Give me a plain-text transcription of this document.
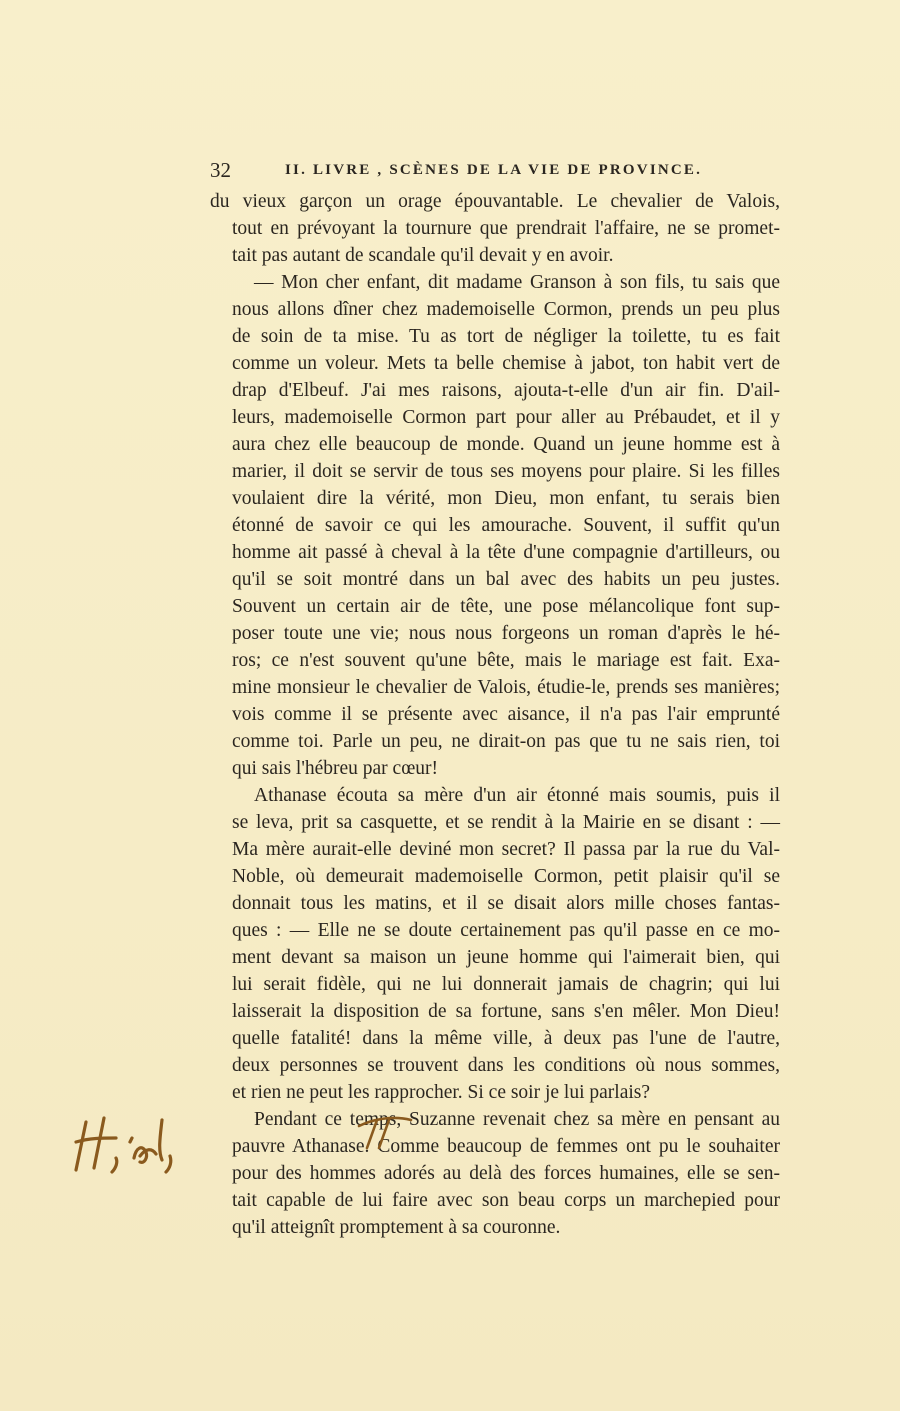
32	II. LIVRE , SCÈNES DE LA VIE DE PROVINCE.
du vieux garçon un orage épouvantable. Le chevalier de Valois,
tout en prévoyant la tournure que prendrait l'affaire, ne se promet-
tait pas autant de scandale qu'il devait y en avoir.
— Mon cher enfant, dit madame Granson à son fils, tu sais que
nous allons dîner chez mademoiselle Cormon, prends un peu plus
de soin de ta mise. Tu as tort de négliger la toilette, tu es fait
comme un voleur. Mets ta belle chemise à jabot, ton habit vert de
drap d'Elbeuf. J'ai mes raisons, ajouta-t-elle d'un air fin. D'ail-
leurs, mademoiselle Cormon part pour aller au Prébaudet, et il y
aura chez elle beaucoup de monde. Quand un jeune homme est à
marier, il doit se servir de tous ses moyens pour plaire. Si les filles
voulaient dire la vérité, mon Dieu, mon enfant, tu serais bien
étonné de savoir ce qui les amourache. Souvent, il suffit qu'un
homme ait passé à cheval à la tête d'une compagnie d'artilleurs, ou
qu'il se soit montré dans un bal avec des habits un peu justes.
Souvent un certain air de tête, une pose mélancolique font sup-
poser toute une vie; nous nous forgeons un roman d'après le hé-
ros; ce n'est souvent qu'une bête, mais le mariage est fait. Exa-
mine monsieur le chevalier de Valois, étudie-le, prends ses manières;
vois comme il se présente avec aisance, il n'a pas l'air emprunté
comme toi. Parle un peu, ne dirait-on pas que tu ne sais rien, toi
qui sais l'hébreu par cœur!
Athanase écouta sa mère d'un air étonné mais soumis, puis il
se leva, prit sa casquette, et se rendit à la Mairie en se disant : —
Ma mère aurait-elle deviné mon secret? Il passa par la rue du Val-
Noble, où demeurait mademoiselle Cormon, petit plaisir qu'il se
donnait tous les matins, et il se disait alors mille choses fantas-
ques : — Elle ne se doute certainement pas qu'il passe en ce mo-
ment devant sa maison un jeune homme qui l'aimerait bien, qui
lui serait fidèle, qui ne lui donnerait jamais de chagrin; qui lui
laisserait la disposition de sa fortune, sans s'en mêler. Mon Dieu!
quelle fatalité! dans la même ville, à deux pas l'une de l'autre,
deux personnes se trouvent dans les conditions où nous sommes,
et rien ne peut les rapprocher. Si ce soir je lui parlais?
Pendant ce temps, Suzanne revenait chez sa mère en pensant au
pauvre Athanase. Comme beaucoup de femmes ont pu le souhaiter
pour des hommes adorés au delà des forces humaines, elle se sen-
tait capable de lui faire avec son beau corps un marchepied pour
qu'il atteignît promptement à sa couronne.
